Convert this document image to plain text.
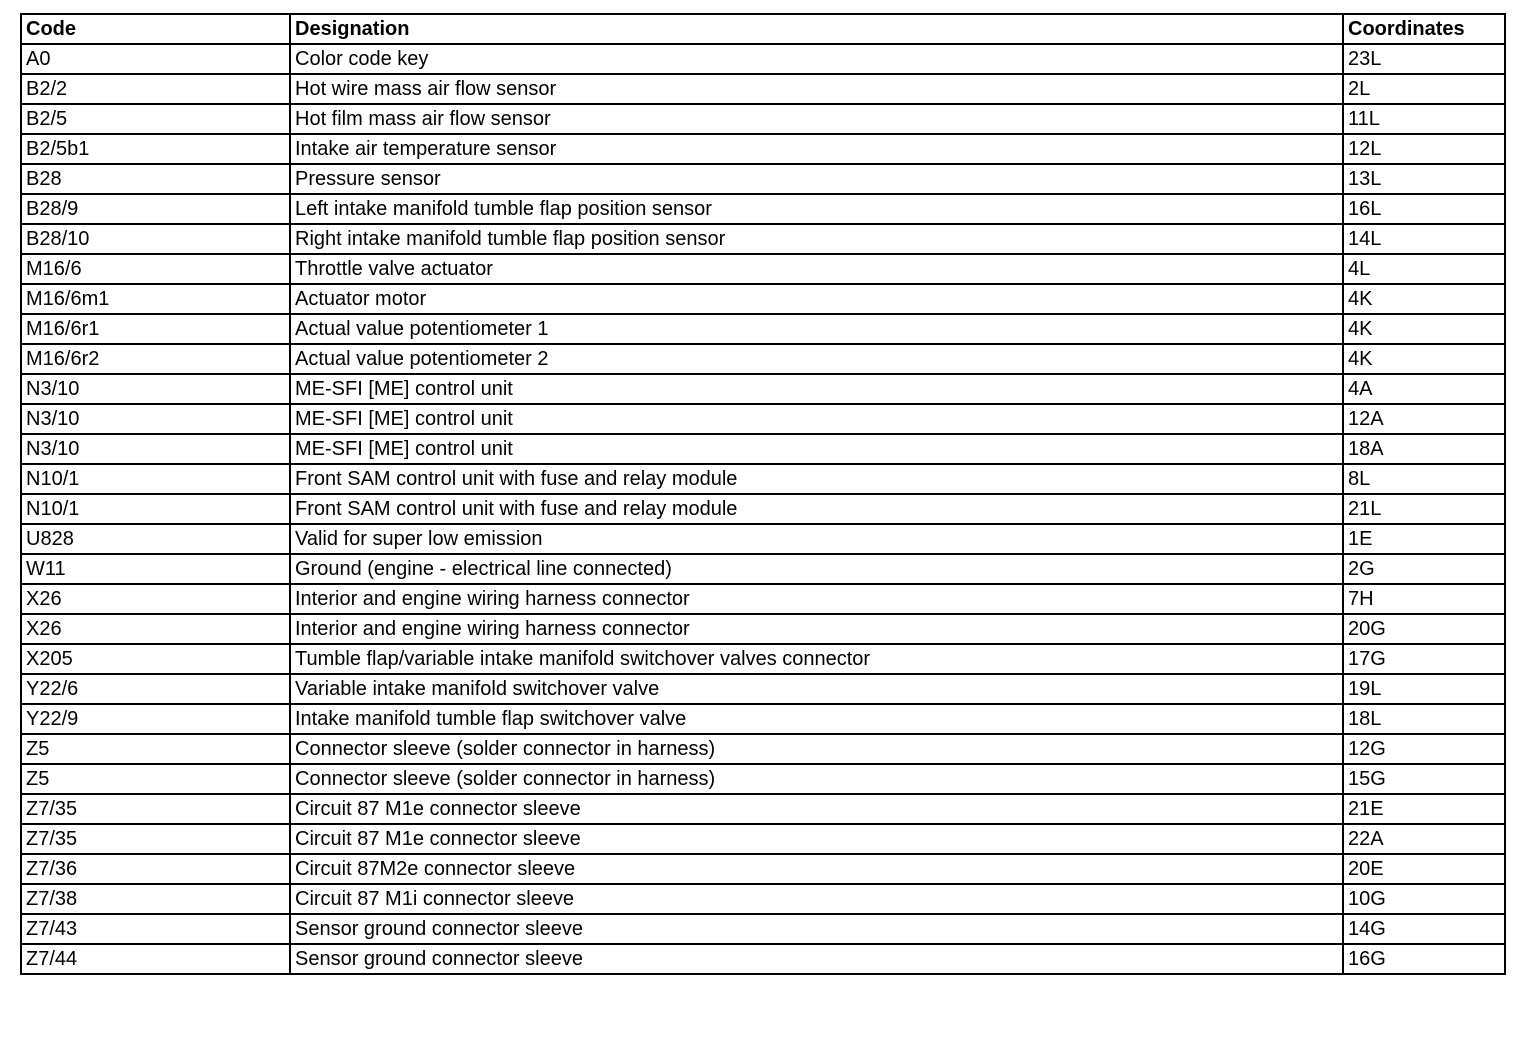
Code	Designation	Coordinates
A0	Color code key	23L
B2/2	Hot wire mass air flow sensor	2L
B2/5	Hot film mass air flow sensor	11L
B2/5b1	Intake air temperature sensor	12L
B28	Pressure sensor	13L
B28/9	Left intake manifold tumble flap position sensor	16L
B28/10	Right intake manifold tumble flap position sensor	14L
M16/6	Throttle valve actuator	4L
M16/6m1	Actuator motor	4K
M16/6r1	Actual value potentiometer 1	4K
M16/6r2	Actual value potentiometer 2	4K
N3/10	ME-SFI [ME] control unit	4A
N3/10	ME-SFI [ME] control unit	12A
N3/10	ME-SFI [ME] control unit	18A
N10/1	Front SAM control unit with fuse and relay module	8L
N10/1	Front SAM control unit with fuse and relay module	21L
U828	Valid for super low emission	1E
W11	Ground (engine - electrical line connected)	2G
X26	Interior and engine wiring harness connector	7H
X26	Interior and engine wiring harness connector	20G
X205	Tumble flap/variable intake manifold switchover valves connector	17G
Y22/6	Variable intake manifold switchover valve	19L
Y22/9	Intake manifold tumble flap switchover valve	18L
Z5	Connector sleeve (solder connector in harness)	12G
Z5	Connector sleeve (solder connector in harness)	15G
Z7/35	Circuit 87 M1e connector sleeve	21E
Z7/35	Circuit 87 M1e connector sleeve	22A
Z7/36	Circuit 87M2e connector sleeve	20E
Z7/38	Circuit 87 M1i connector sleeve	10G
Z7/43	Sensor ground connector sleeve	14G
Z7/44	Sensor ground connector sleeve	16G
